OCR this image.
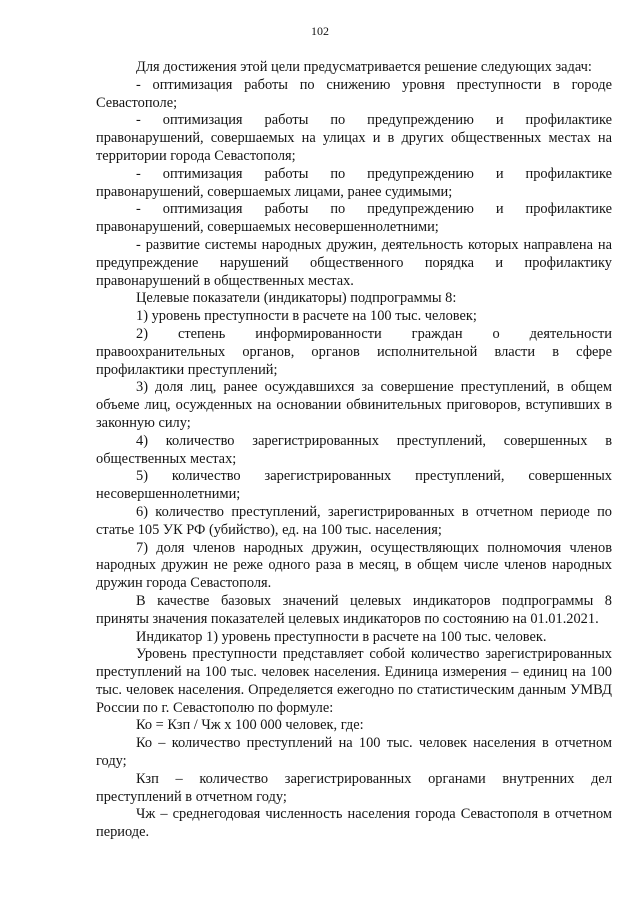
102

Для достижения этой цели предусматривается решение следующих задач:

- оптимизация работы по снижению уровня преступности в городе Севастополе;

- оптимизация работы по предупреждению и профилактике правонарушений, совершаемых на улицах и в других общественных местах на территории города Севастополя;

- оптимизация работы по предупреждению и профилактике правонарушений, совершаемых лицами, ранее судимыми;

- оптимизация работы по предупреждению и профилактике правонарушений, совершаемых несовершеннолетними;

- развитие системы народных дружин, деятельность которых направлена на предупреждение нарушений общественного порядка и профилактику правонарушений в общественных местах.

Целевые показатели (индикаторы) подпрограммы 8:

1) уровень преступности в расчете на 100 тыс. человек;

2) степень информированности граждан о деятельности правоохранительных органов, органов исполнительной власти в сфере профилактики преступлений;

3) доля лиц, ранее осуждавшихся за совершение преступлений, в общем объеме лиц, осужденных на основании обвинительных приговоров, вступивших в законную силу;

4) количество зарегистрированных преступлений, совершенных в общественных местах;

5) количество зарегистрированных преступлений, совершенных несовершеннолетними;

6) количество преступлений, зарегистрированных в отчетном периоде по статье 105 УК РФ (убийство), ед. на 100 тыс. населения;

7) доля членов народных дружин, осуществляющих полномочия членов народных дружин не реже одного раза в месяц, в общем числе членов народных дружин города Севастополя.

В качестве базовых значений целевых индикаторов подпрограммы 8 приняты значения показателей целевых индикаторов по состоянию на 01.01.2021.

Индикатор 1) уровень преступности в расчете на 100 тыс. человек.

Уровень преступности представляет собой количество зарегистрированных преступлений на 100 тыс. человек населения. Единица измерения – единиц на 100 тыс. человек населения. Определяется ежегодно по статистическим данным УМВД России по г. Севастополю по формуле:

Ко = Кзп / Чж х 100 000 человек, где:

Ко – количество преступлений на 100 тыс. человек населения в отчетном году;

Кзп – количество зарегистрированных органами внутренних дел преступлений в отчетном году;

Чж – среднегодовая численность населения города Севастополя в отчетном периоде.
